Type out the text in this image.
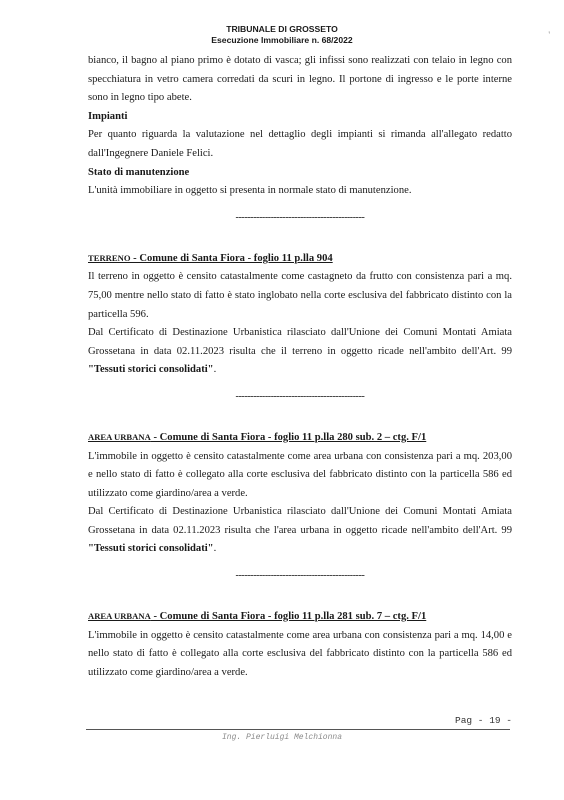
TRIBUNALE DI GROSSETO
Esecuzione Immobiliare n. 68/2022	'

bianco, il bagno al piano primo è dotato di vasca; gli infissi sono realizzati con telaio in legno con specchiatura in vetro camera corredati da scuri in legno. Il portone di ingresso e le porte interne sono in legno tipo abete.

Impianti

Per quanto riguarda la valutazione nel dettaglio degli impianti si rimanda all'allegato redatto dall'Ingegnere Daniele Felici.

Stato di manutenzione

L'unità immobiliare in oggetto si presenta in normale stato di manutenzione.

--------------------------------------------

TERRENO - Comune di Santa Fiora - foglio 11 p.lla 904

Il terreno in oggetto è censito catastalmente come castagneto da frutto con consistenza pari a mq. 75,00 mentre nello stato di fatto è stato inglobato nella corte esclusiva del fabbricato distinto con la particella 596.

Dal Certificato di Destinazione Urbanistica rilasciato dall'Unione dei Comuni Montati Amiata Grossetana in data 02.11.2023 risulta che il terreno in oggetto ricade nell'ambito dell'Art. 99 "Tessuti storici consolidati".

--------------------------------------------

AREA URBANA - Comune di Santa Fiora - foglio 11 p.lla 280 sub. 2 – ctg. F/1

L'immobile in oggetto è censito catastalmente come area urbana con consistenza pari a mq. 203,00 e nello stato di fatto è collegato alla corte esclusiva del fabbricato distinto con la particella 586 ed utilizzato come giardino/area a verde.

Dal Certificato di Destinazione Urbanistica rilasciato dall'Unione dei Comuni Montati Amiata Grossetana in data 02.11.2023 risulta che l'area urbana in oggetto ricade nell'ambito dell'Art. 99 "Tessuti storici consolidati".

--------------------------------------------

AREA URBANA - Comune di Santa Fiora - foglio 11 p.lla 281 sub. 7 – ctg. F/1

L'immobile in oggetto è censito catastalmente come area urbana con consistenza pari a mq. 14,00 e nello stato di fatto è collegato alla corte esclusiva del fabbricato distinto con la particella 586 ed utilizzato come giardino/area a verde.

Pag - 19 -
Ing. Pierluigi Melchionna
